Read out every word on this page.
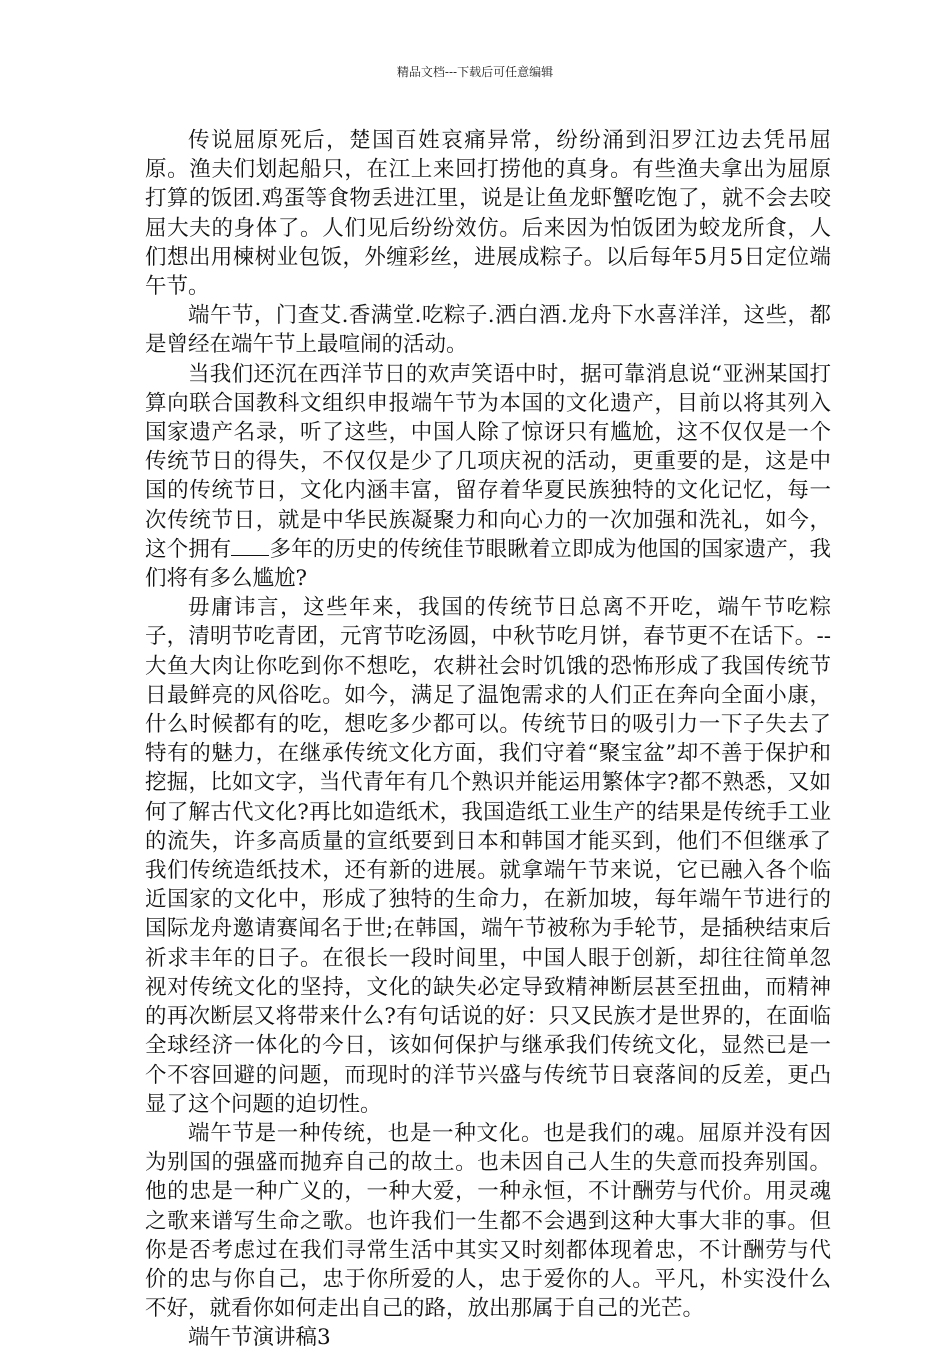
精品文档---下载后可任意编辑

传说屈原死后，楚国百姓哀痛异常，纷纷涌到汨罗江边去凭吊屈原。渔夫们划起船只，在江上来回打捞他的真身。有些渔夫拿出为屈原打算的饭团.鸡蛋等食物丢进江里，说是让鱼龙虾蟹吃饱了，就不会去咬屈大夫的身体了。人们见后纷纷效仿。后来因为怕饭团为蛟龙所食，人们想出用楝树业包饭，外缠彩丝，进展成粽子。以后每年5月5日定位端午节。

端午节，门查艾.香满堂.吃粽子.洒白酒.龙舟下水喜洋洋，这些，都是曾经在端午节上最喧闹的活动。

当我们还沉在西洋节日的欢声笑语中时，据可靠消息说“亚洲某国打算向联合国教科文组织申报端午节为本国的文化遗产，目前以将其列入国家遗产名录，听了这些，中国人除了惊讶只有尴尬，这不仅仅是一个传统节日的得失，不仅仅是少了几项庆祝的活动，更重要的是，这是中国的传统节日，文化内涵丰富，留存着华夏民族独特的文化记忆，每一次传统节日，就是中华民族凝聚力和向心力的一次加强和洗礼，如今，这个拥有 多年的历史的传统佳节眼瞅着立即成为他国的国家遗产，我们将有多么尴尬?

毋庸讳言，这些年来，我国的传统节日总离不开吃，端午节吃粽子，清明节吃青团，元宵节吃汤圆，中秋节吃月饼，春节更不在话下。--大鱼大肉让你吃到你不想吃，农耕社会时饥饿的恐怖形成了我国传统节日最鲜亮的风俗吃。如今，满足了温饱需求的人们正在奔向全面小康，什么时候都有的吃，想吃多少都可以。传统节日的吸引力一下子失去了特有的魅力，在继承传统文化方面，我们守着“聚宝盆”却不善于保护和挖掘，比如文字，当代青年有几个熟识并能运用繁体字?都不熟悉，又如何了解古代文化?再比如造纸术，我国造纸工业生产的结果是传统手工业的流失，许多高质量的宣纸要到日本和韩国才能买到，他们不但继承了我们传统造纸技术，还有新的进展。就拿端午节来说，它已融入各个临近国家的文化中，形成了独特的生命力，在新加坡，每年端午节进行的国际龙舟邀请赛闻名于世;在韩国，端午节被称为手轮节，是插秧结束后祈求丰年的日子。在很长一段时间里，中国人眼于创新，却往往简单忽视对传统文化的坚持，文化的缺失必定导致精神断层甚至扭曲，而精神的再次断层又将带来什么?有句话说的好：只又民族才是世界的，在面临全球经济一体化的今日，该如何保护与继承我们传统文化，显然已是一个不容回避的问题，而现时的洋节兴盛与传统节日衰落间的反差，更凸显了这个问题的迫切性。

端午节是一种传统，也是一种文化。也是我们的魂。屈原并没有因为别国的强盛而抛弃自己的故土。也未因自己人生的失意而投奔别国。他的忠是一种广义的，一种大爱，一种永恒，不计酬劳与代价。用灵魂之歌来谱写生命之歌。也许我们一生都不会遇到这种大事大非的事。但你是否考虑过在我们寻常生活中其实又时刻都体现着忠，不计酬劳与代价的忠与你自己，忠于你所爱的人，忠于爱你的人。平凡，朴实没什么不好，就看你如何走出自己的路，放出那属于自己的光芒。

端午节演讲稿3
